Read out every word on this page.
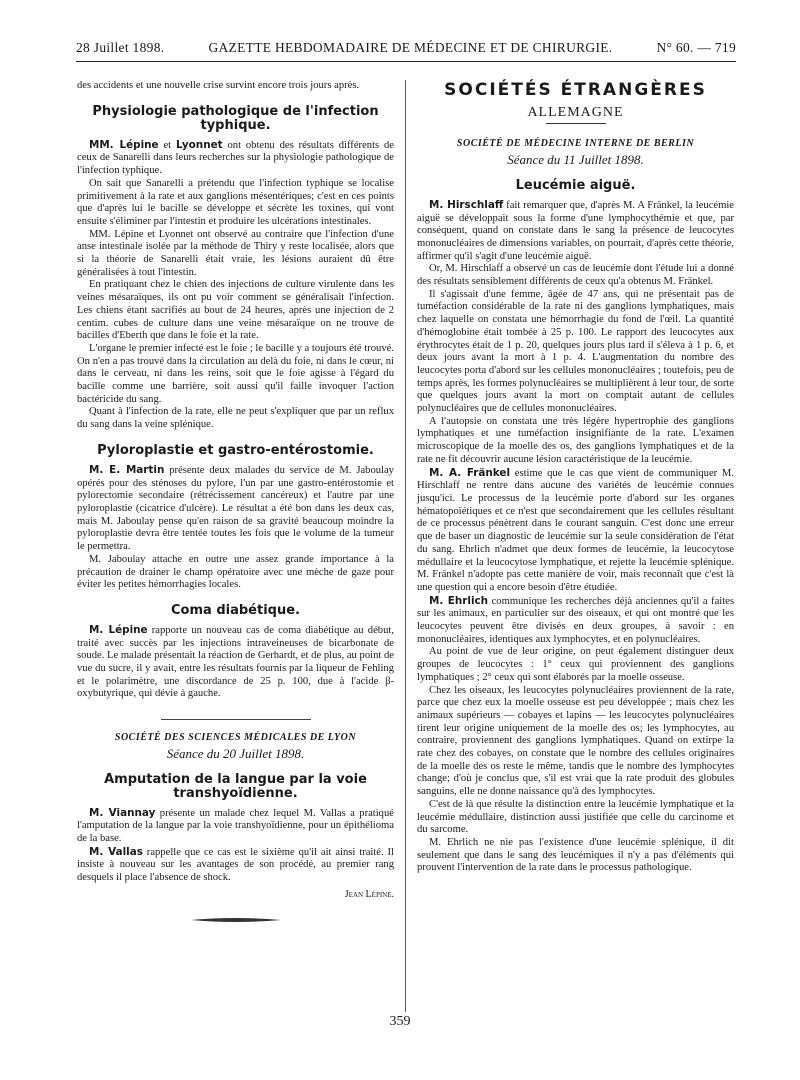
28 Juillet 1898.	GAZETTE HEBDOMADAIRE DE MÉDECINE ET DE CHIRURGIE.	N° 60. — 719

des accidents et une nouvelle crise survint encore trois jours après.

Physiologie pathologique de l'infection typhique.

MM. Lépine et Lyonnet ont obtenu des résultats différents de ceux de Sanarelli dans leurs recherches sur la physiologie pathologique de l'infection typhique.

On sait que Sanarelli a prétendu que l'infection typhique se localise primitivement à la rate et aux ganglions mésentériques; c'est en ces points que d'après lui le bacille se développe et sécrète les toxines, qui vont ensuite s'éliminer par l'intestin et produire les ulcérations intestinales.

MM. Lépine et Lyonnet ont observé au contraire que l'infection d'une anse intestinale isolée par la méthode de Thiry y reste localisée, alors que si la théorie de Sanarelli était vraie, les lésions auraient dû être généralisées à tout l'intestin.

En pratiquant chez le chien des injections de culture virulente dans les veines mésaraïques, ils ont pu voir comment se généralisait l'infection. Les chiens étant sacrifiés au bout de 24 heures, après une injection de 2 centim. cubes de culture dans une veine mésaraïque on ne trouve de bacilles d'Eberth que dans le foie et la rate.

L'organe le premier infecté est le foie ; le bacille y a toujours été trouvé. On n'en a pas trouvé dans la circulation au delà du foie, ni dans le cœur, ni dans le cerveau, ni dans les reins, soit que le foie agisse à l'égard du bacille comme une barrière, soit aussi qu'il faille invoquer l'action bactéricide du sang.

Quant à l'infection de la rate, elle ne peut s'expliquer que par un reflux du sang dans la veine splénique.

Pyloroplastie et gastro-entérostomie.

M. E. Martin présente deux malades du service de M. Jaboulay opérés pour des sténoses du pylore, l'un par une gastro-entérostomie et pylorectomie secondaire (rétrécissement cancéreux) et l'autre par une pyloroplastie (cicatrice d'ulcère). Le résultat a été bon dans les deux cas, mais M. Jaboulay pense qu'en raison de sa gravité beaucoup moindre la pyloroplastie devra être tentée toutes les fois que le volume de la tumeur le permettra.

M. Jaboulay attache en outre une assez grande importance à la précaution de drainer le champ opératoire avec une mèche de gaze pour éviter les petites hémorrhagies locales.

Coma diabétique.

M. Lépine rapporte un nouveau cas de coma diabétique au début, traité avec succès par les injections intraveineuses de bicarbonate de soude. Le malade présentait la réaction de Gerhardt, et de plus, au point de vue du sucre, il y avait, entre les résultats fournis par la liqueur de Fehling et le polarimètre, une discordance de 25 p. 100, due à l'acide β-oxybutyrique, qui dévie à gauche.

SOCIÉTÉ DES SCIENCES MÉDICALES DE LYON
Séance du 20 Juillet 1898.
Amputation de la langue par la voie transhyoïdienne.

M. Viannay présente un malade chez lequel M. Vallas a pratiqué l'amputation de la langue par la voie transhyoïdienne, pour un épithélioma de la base.

M. Vallas rappelle que ce cas est le sixième qu'il ait ainsi traité. Il insiste à nouveau sur les avantages de son procédé, au premier rang desquels il place l'absence de shock.

Jean Lépine.
SOCIÉTÉS ÉTRANGÈRES
ALLEMAGNE
SOCIÉTÉ DE MÉDECINE INTERNE DE BERLIN
Séance du 11 Juillet 1898.
Leucémie aiguë.

M. Hirschlaff fait remarquer que, d'après M. A Fränkel, la leucémie aiguë se développait sous la forme d'une lymphocythémie et que, par conséquent, quand on constate dans le sang la présence de leucocytes mononucléaires de dimensions variables, on pourrait, d'après cette théorie, affirmer qu'il s'agit d'une leucémie aiguë.

Or, M. Hirschlaff a observé un cas de leucémie dont l'étude lui a donné des résultats sensiblement différents de ceux qu'a obtenus M. Fränkel.

Il s'agissait d'une femme, âgée de 47 ans, qui ne présentait pas de tuméfaction considérable de la rate ni des ganglions lymphatiques, mais chez laquelle on constata une hémorrhagie du fond de l'œil. La quantité d'hémoglobine était tombée à 25 p. 100. Le rapport des leucocytes aux érythrocytes était de 1 p. 20, quelques jours plus tard il s'éleva à 1 p. 6, et deux jours avant la mort à 1 p. 4. L'augmentation du nombre des leucocytes porta d'abord sur les cellules mononucléaires ; toutefois, peu de temps après, les formes polynucléaires se multiplièrent à leur tour, de sorte que quelques jours avant la mort on comptait autant de cellules polynucléaires que de cellules mononucléaires.

A l'autopsie on constata une très légère hypertrophie des ganglions lymphatiques et une tuméfaction insignifiante de la rate. L'examen microscopique de la moelle des os, des ganglions lymphatiques et de la rate ne fit découvrir aucune lésion caractéristique de la leucémie.

M. A. Fränkel estime que le cas que vient de communiquer M. Hirschlaff ne rentre dans aucune des variétés de leucémie connues jusqu'ici. Le processus de la leucémie porte d'abord sur les organes hématopoïétiques et ce n'est que secondairement que les cellules résultant de ce processus pénètrent dans le courant sanguin. C'est donc une erreur que de baser un diagnostic de leucémie sur la seule considération de l'état du sang. Ehrlich n'admet que deux formes de leucémie, la leucocytose médullaire et la leucocytose lymphatique, et rejette la leucémie splénique. M. Fränkel n'adopte pas cette manière de voir, mais reconnaît que c'est là une question qui a encore besoin d'être étudiée.

M. Ehrlich communique les recherches déjà anciennes qu'il a faites sur les animaux, en particulier sur des oiseaux, et qui ont montré que les leucocytes peuvent être divisés en deux groupes, à savoir : en mononucléaires, identiques aux lymphocytes, et en polynucléaires.

Au point de vue de leur origine, on peut également distinguer deux groupes de leucocytes : 1° ceux qui proviennent des ganglions lymphatiques ; 2° ceux qui sont élaborés par la moelle osseuse.

Chez les oiseaux, les leucocytes polynucléaires proviennent de la rate, parce que chez eux la moelle osseuse est peu développée ; mais chez les animaux supérieurs — cobayes et lapins — les leucocytes polynucléaires tirent leur origine uniquement de la moelle des os; les lymphocytes, au contraire, proviennent des ganglions lymphatiques. Quand on extirpe la rate chez des cobayes, on constate que le nombre des cellules originaires de la moelle des os reste le même, tandis que le nombre des lymphocytes change; d'où je conclus que, s'il est vrai que la rate produit des globules sanguins, elle ne donne naissance qu'à des lymphocytes.

C'est de là que résulte la distinction entre la leucémie lymphatique et la leucémie médullaire, distinction aussi justifiée que celle du carcinome et du sarcome.

M. Ehrlich ne nie pas l'existence d'une leucémie splénique, il dit seulement que dans le sang des leucémiques il n'y a pas d'éléments qui prouvent l'intervention de la rate dans le processus pathologique.

359
